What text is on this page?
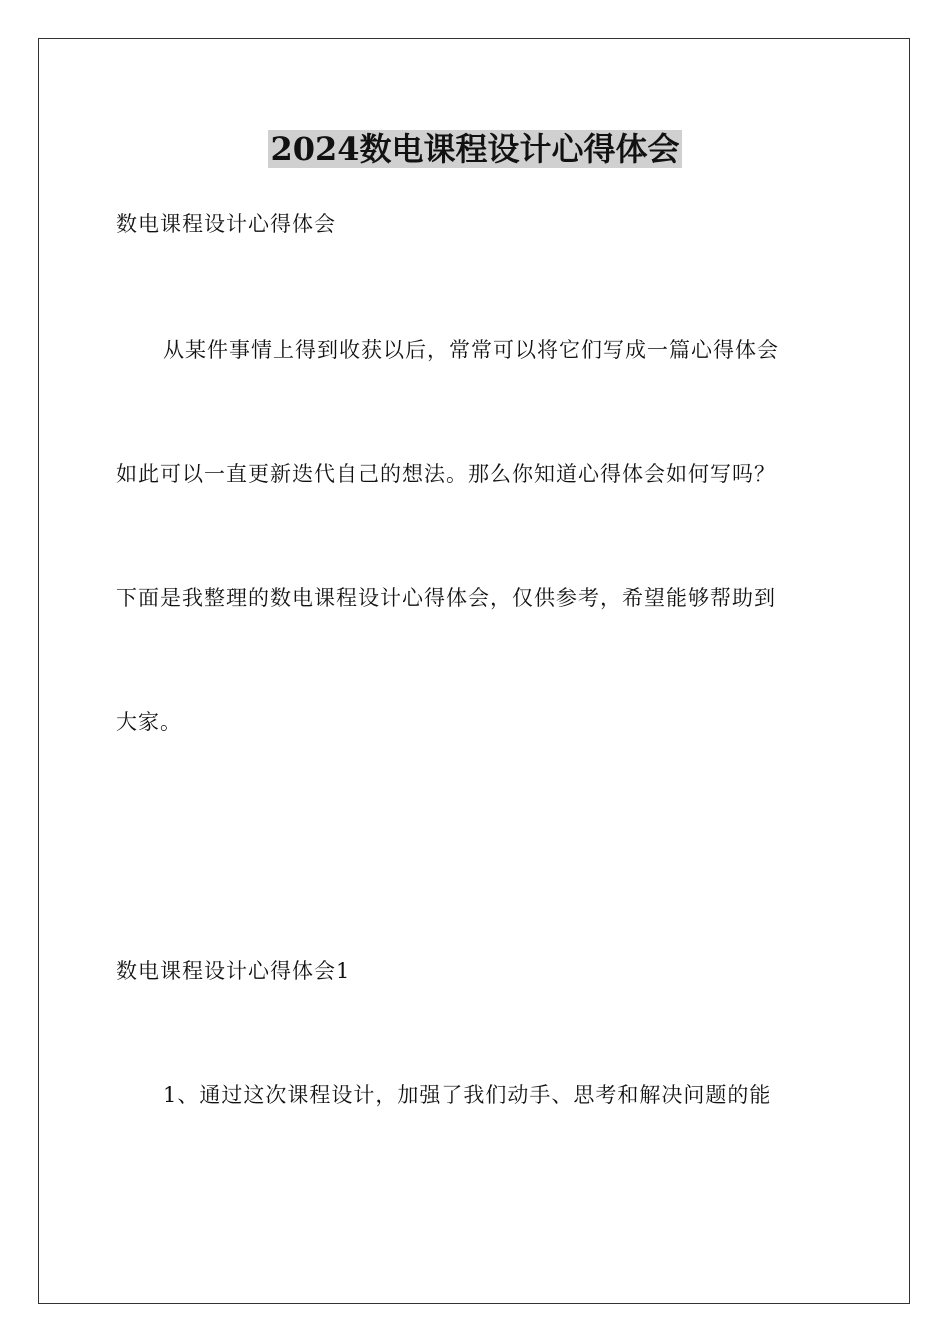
2024数电课程设计心得体会
数电课程设计心得体会
从某件事情上得到收获以后，常常可以将它们写成一篇心得体会
如此可以一直更新迭代自己的想法。那么你知道心得体会如何写吗？
下面是我整理的数电课程设计心得体会，仅供参考，希望能够帮助到
大家。
数电课程设计心得体会1
1、通过这次课程设计，加强了我们动手、思考和解决问题的能
